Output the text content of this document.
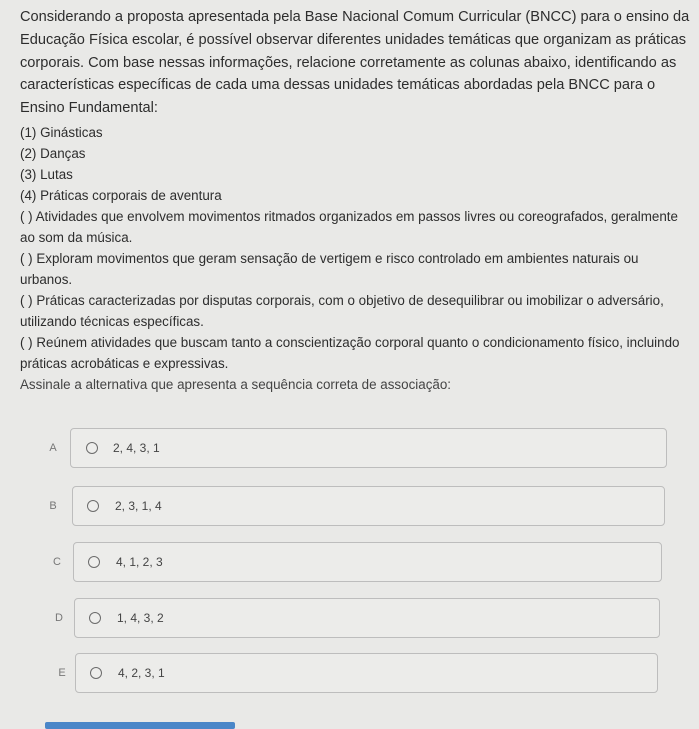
Considerando a proposta apresentada pela Base Nacional Comum Curricular (BNCC) para o ensino da Educação Física escolar, é possível observar diferentes unidades temáticas que organizam as práticas corporais. Com base nessas informações, relacione corretamente as colunas abaixo, identificando as características específicas de cada uma dessas unidades temáticas abordadas pela BNCC para o Ensino Fundamental:

(1) Ginásticas

(2) Danças

(3) Lutas

(4) Práticas corporais de aventura

( ) Atividades que envolvem movimentos ritmados organizados em passos livres ou coreografados, geralmente ao som da música.

( ) Exploram movimentos que geram sensação de vertigem e risco controlado em ambientes naturais ou urbanos.

( ) Práticas caracterizadas por disputas corporais, com o objetivo de desequilibrar ou imobilizar o adversário, utilizando técnicas específicas.

( ) Reúnem atividades que buscam tanto a conscientização corporal quanto o condicionamento físico, incluindo práticas acrobáticas e expressivas.

Assinale a alternativa que apresenta a sequência correta de associação:

A	2, 4, 3, 1
B	2, 3, 1, 4
C	4, 1, 2, 3
D	1, 4, 3, 2
E	4, 2, 3, 1
